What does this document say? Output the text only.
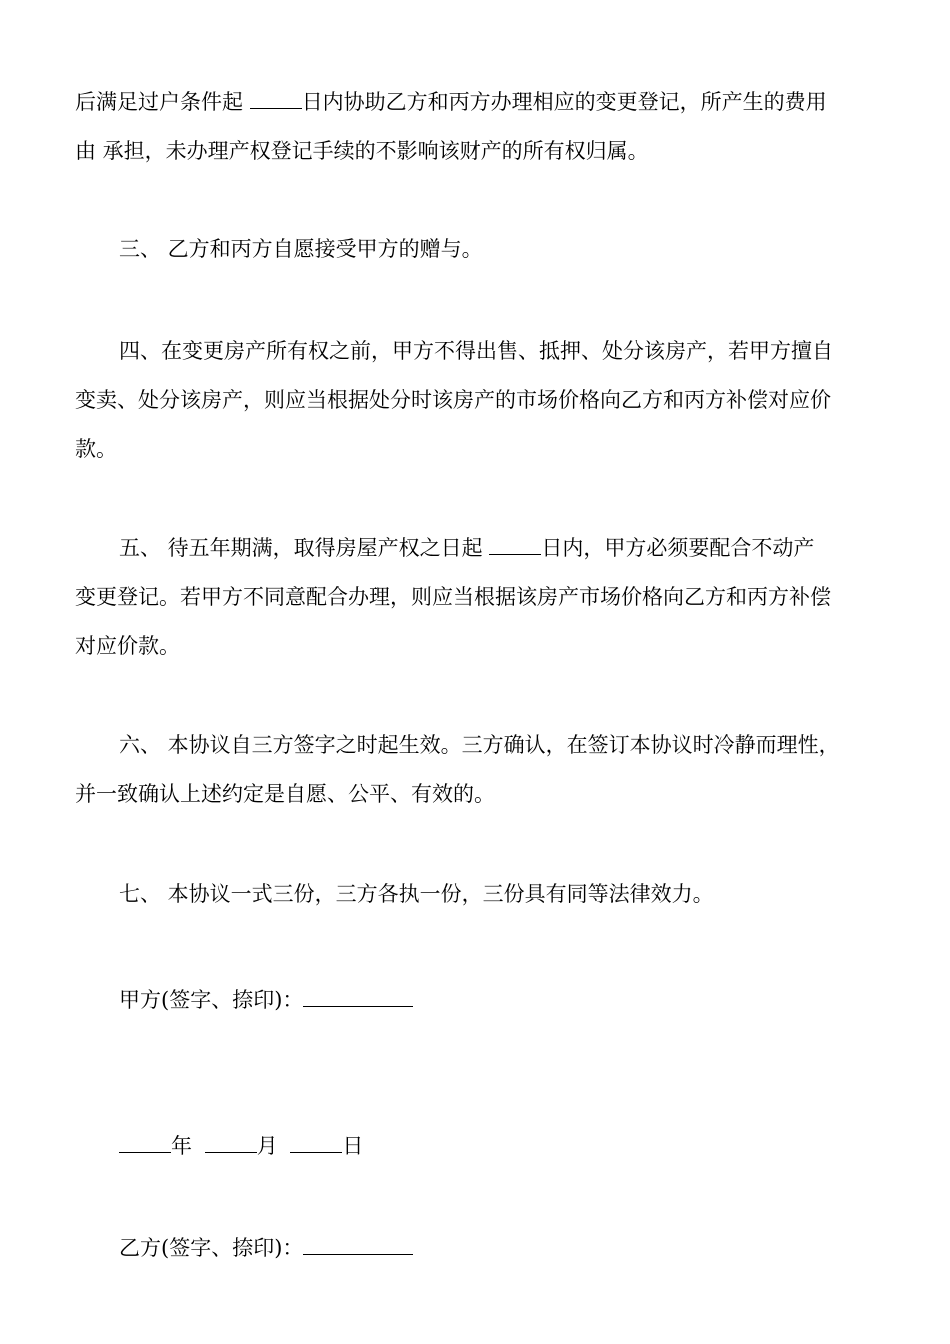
后满足过户条件起 日内协助乙方和丙方办理相应的变更登记，所产生的费用
由 承担，未办理产权登记手续的不影响该财产的所有权归属。
三、 乙方和丙方自愿接受甲方的赠与。
四、在变更房产所有权之前，甲方不得出售、抵押、处分该房产，若甲方擅自
变卖、处分该房产，则应当根据处分时该房产的市场价格向乙方和丙方补偿对应价
款。
五、 待五年期满，取得房屋产权之日起 日内，甲方必须要配合不动产
变更登记。若甲方不同意配合办理，则应当根据该房产市场价格向乙方和丙方补偿
对应价款。
六、 本协议自三方签字之时起生效。三方确认，在签订本协议时冷静而理性，
并一致确认上述约定是自愿、公平、有效的。
七、 本协议一式三份，三方各执一份，三份具有同等法律效力。
甲方(签字、捺印)：
年	月	日
乙方(签字、捺印)：
